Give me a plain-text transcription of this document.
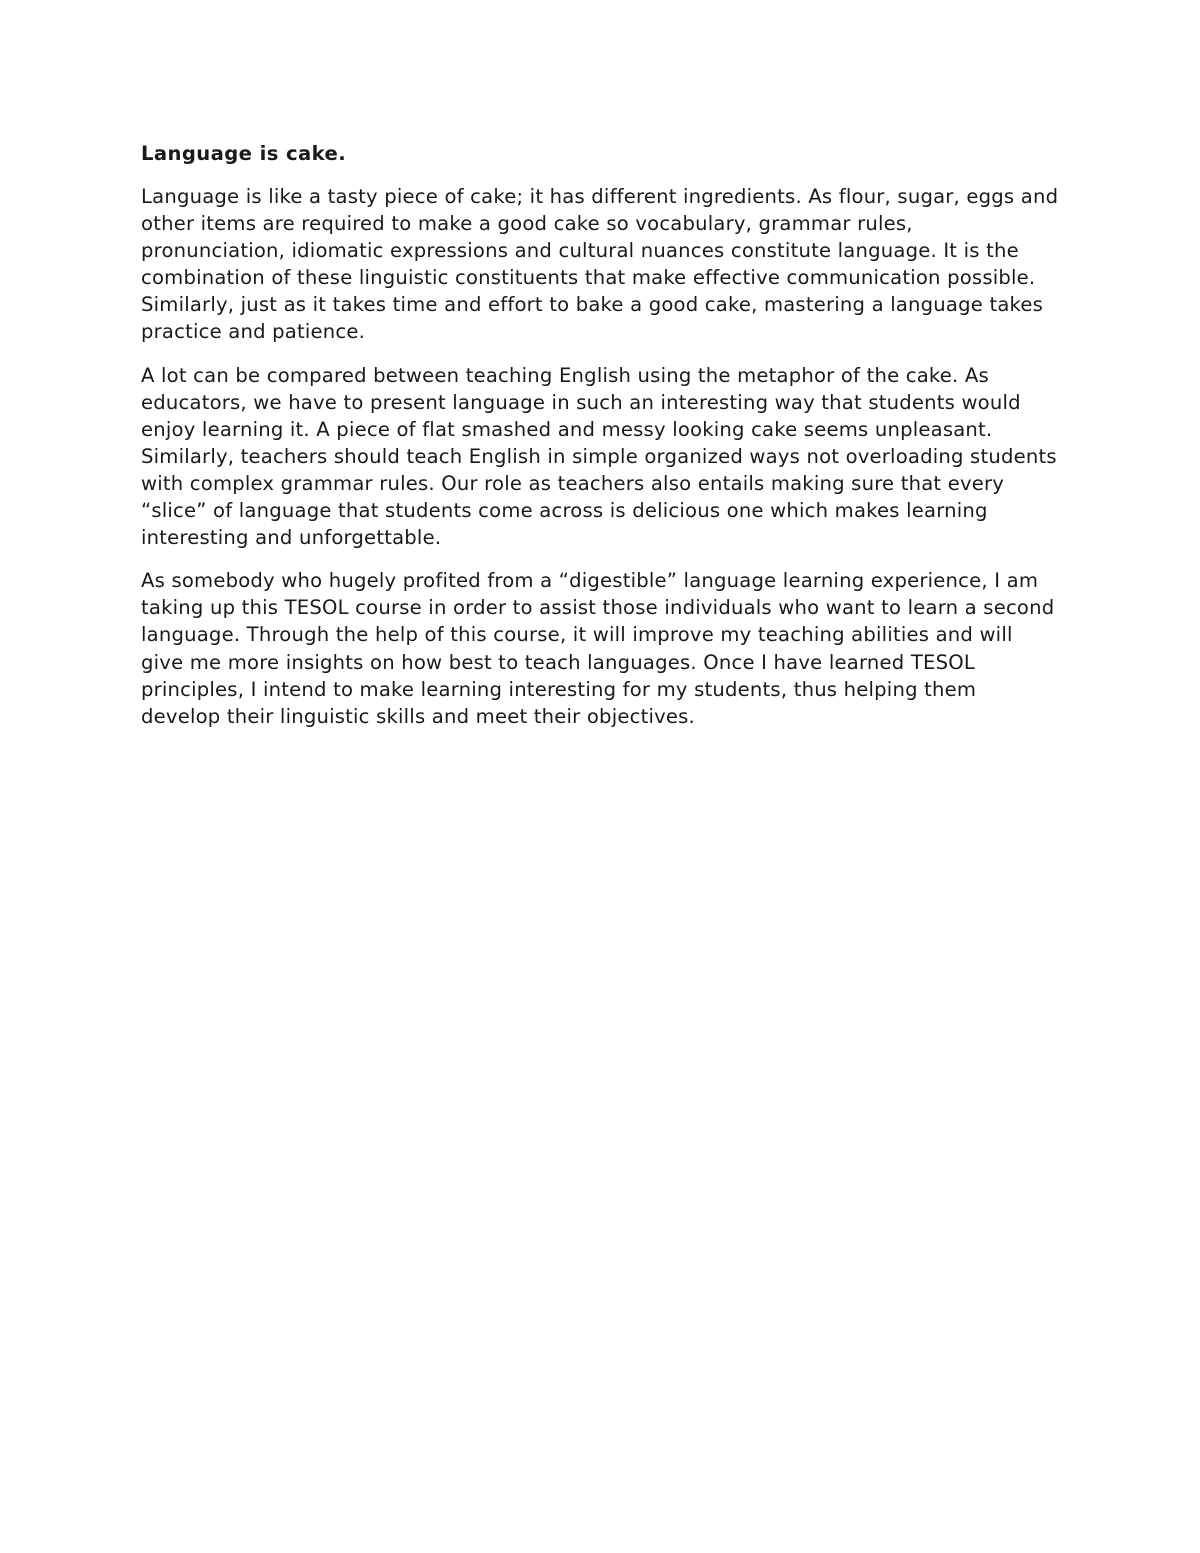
Language is cake.

Language is like a tasty piece of cake; it has different ingredients. As flour, sugar, eggs and other items are required to make a good cake so vocabulary, grammar rules, pronunciation, idiomatic expressions and cultural nuances constitute language. It is the combination of these linguistic constituents that make effective communication possible. Similarly, just as it takes time and effort to bake a good cake, mastering a language takes practice and patience.

A lot can be compared between teaching English using the metaphor of the cake. As educators, we have to present language in such an interesting way that students would enjoy learning it. A piece of flat smashed and messy looking cake seems unpleasant. Similarly, teachers should teach English in simple organized ways not overloading students with complex grammar rules. Our role as teachers also entails making sure that every “slice” of language that students come across is delicious one which makes learning interesting and unforgettable.

As somebody who hugely profited from a “digestible” language learning experience, I am taking up this TESOL course in order to assist those individuals who want to learn a second language. Through the help of this course, it will improve my teaching abilities and will give me more insights on how best to teach languages. Once I have learned TESOL principles, I intend to make learning interesting for my students, thus helping them develop their linguistic skills and meet their objectives.
